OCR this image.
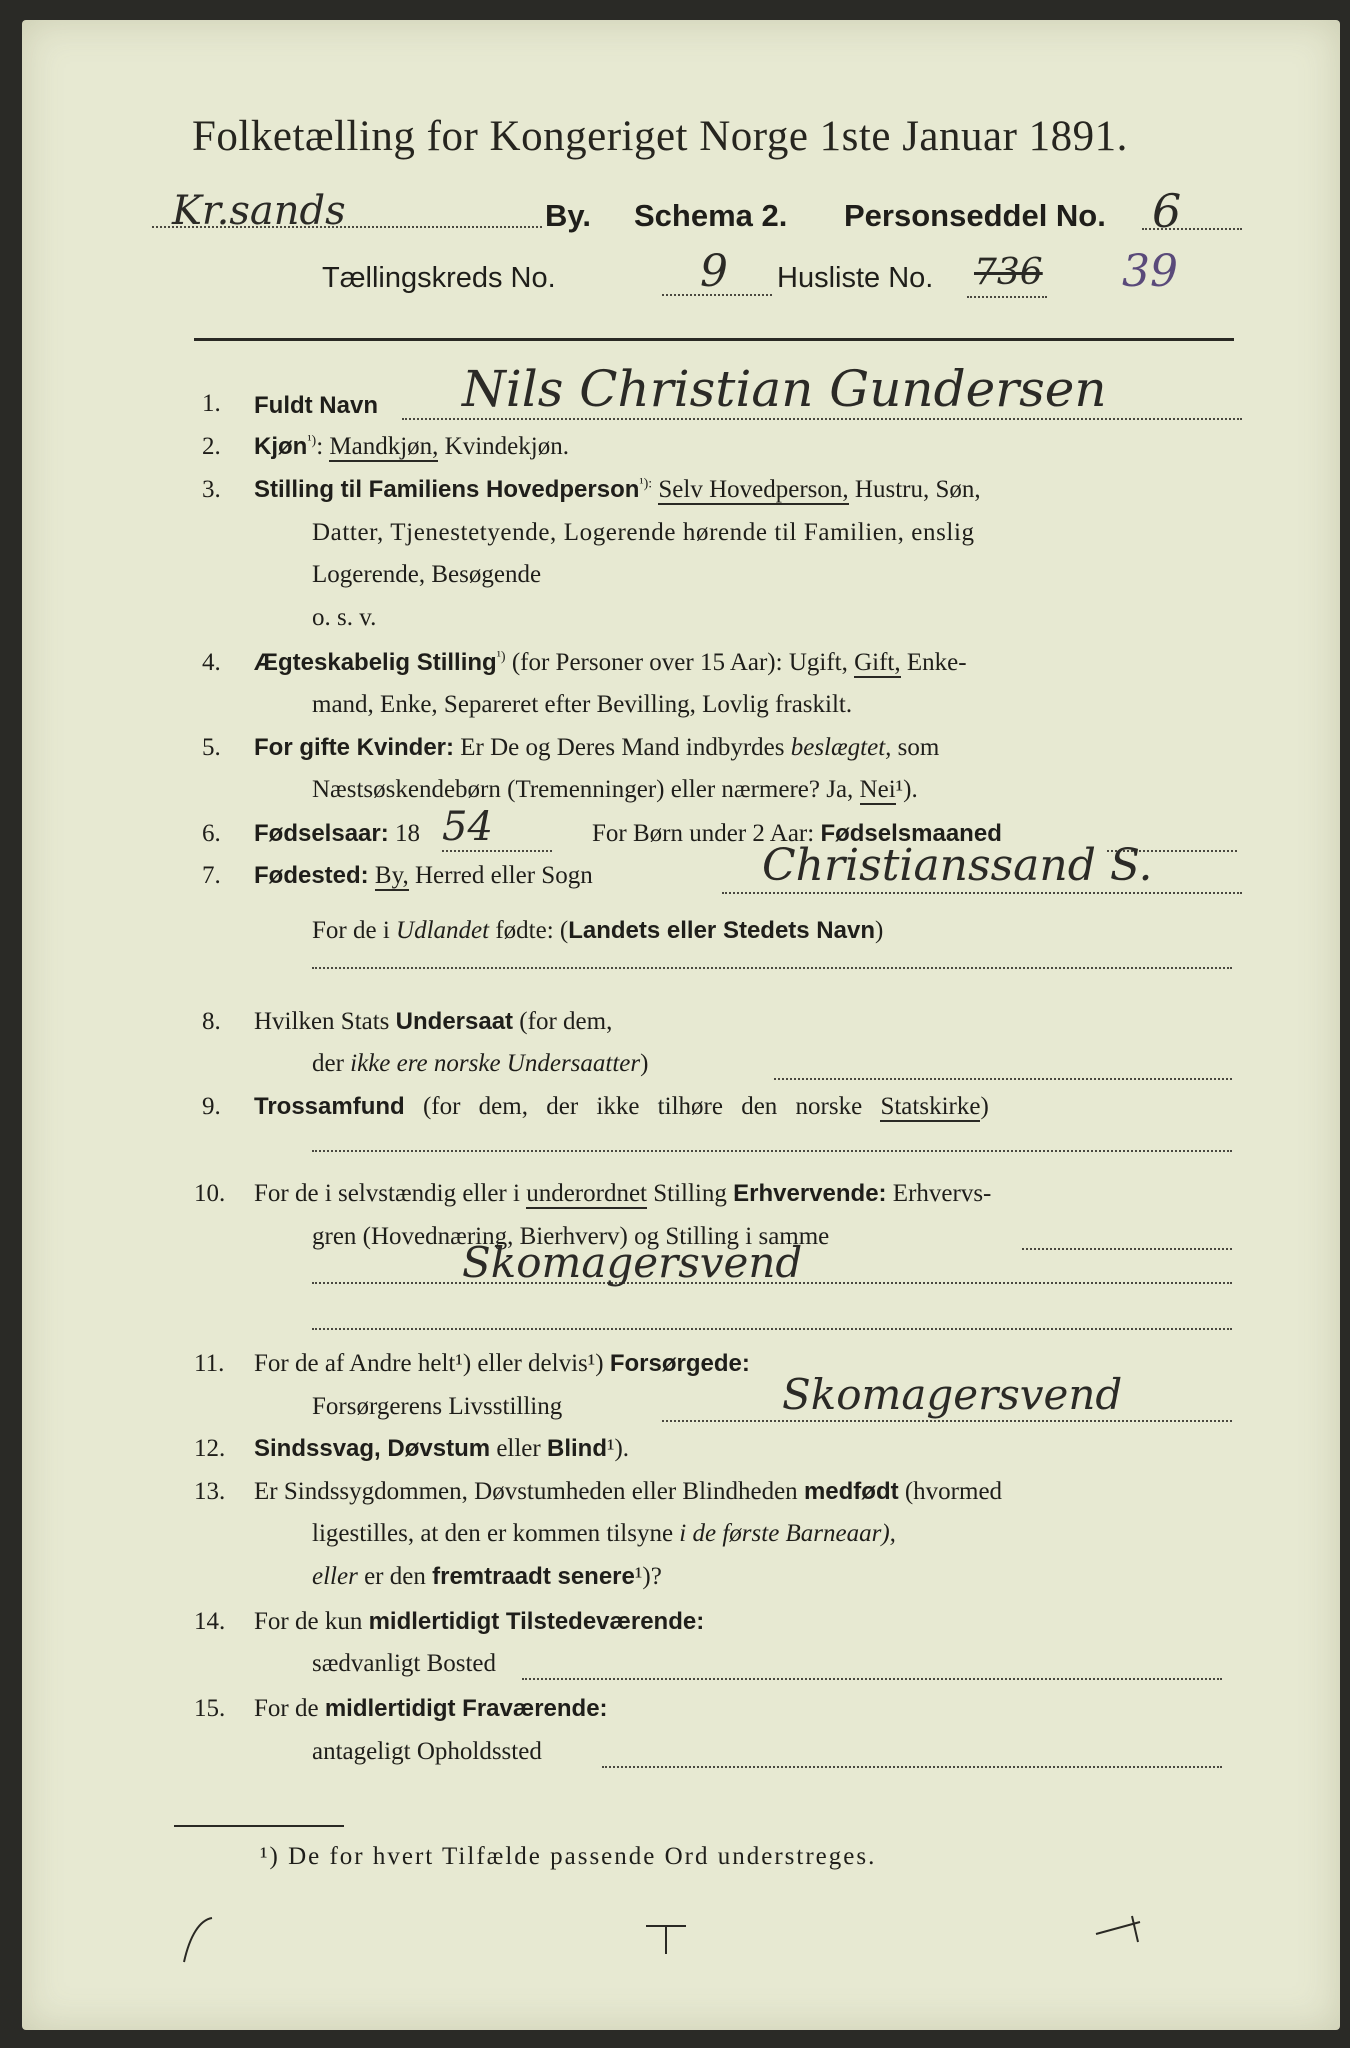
Folketælling for Kongeriget Norge 1ste Januar 1891.
Kr.sands	By. Schema 2. Personseddel No. 6
Tællingskreds No.	9 Husliste No. 736 39
1. Fuldt Navn Nils Christian Gundersen
2. Kjøn$^{^1)}$: Mandkjøn, Kvindekjøn.
3. Stilling til Familiens Hovedperson$^{^1):}$ Selv Hovedperson, Hustru, Søn,
Datter, Tjenestetyende, Logerende hørende til Familien, enslig
Logerende, Besøgende
o. s. v.
4. Ægteskabelig Stilling$^{^1)}$ (for Personer over 15 Aar): Ugift, Gift, Enke-
mand, Enke, Separeret efter Bevilling, Lovlig fraskilt.
5. For gifte Kvinder: Er De og Deres Mand indbyrdes beslægtet, som
Næstsøskendebørn (Tremenninger) eller nærmere? Ja, Nei¹).
6. Fødselsaar: 18 54	For Børn under 2 Aar: Fødselsmaaned
7. Fødested: By, Herred eller Sogn	Christianssand S.
For de i Udlandet fødte: (Landets eller Stedets Navn)
8. Hvilken Stats Undersaat (for dem,
der ikke ere norske Undersaatter)
9. Trossamfund (for dem, der ikke tilhøre den norske Statskirke)
10. For de i selvstændig eller i underordnet Stilling Erhvervende: Erhvervs-
gren (Hovednæring, Bierhverv) og Stilling i samme
Skomagersvend
11. For de af Andre helt¹) eller delvis¹) Forsørgede:
Forsørgerens Livsstilling	Skomagersvend
12. Sindssvag, Døvstum eller Blind¹).
13. Er Sindssygdommen, Døvstumheden eller Blindheden medfødt (hvormed
ligestilles, at den er kommen tilsyne i de første Barneaar),
eller er den fremtraadt senere¹)?
14. For de kun midlertidigt Tilstedeværende:
sædvanligt Bosted
15. For de midlertidigt Fraværende:
antageligt Opholdssted
¹) De for hvert Tilfælde passende Ord understreges.
